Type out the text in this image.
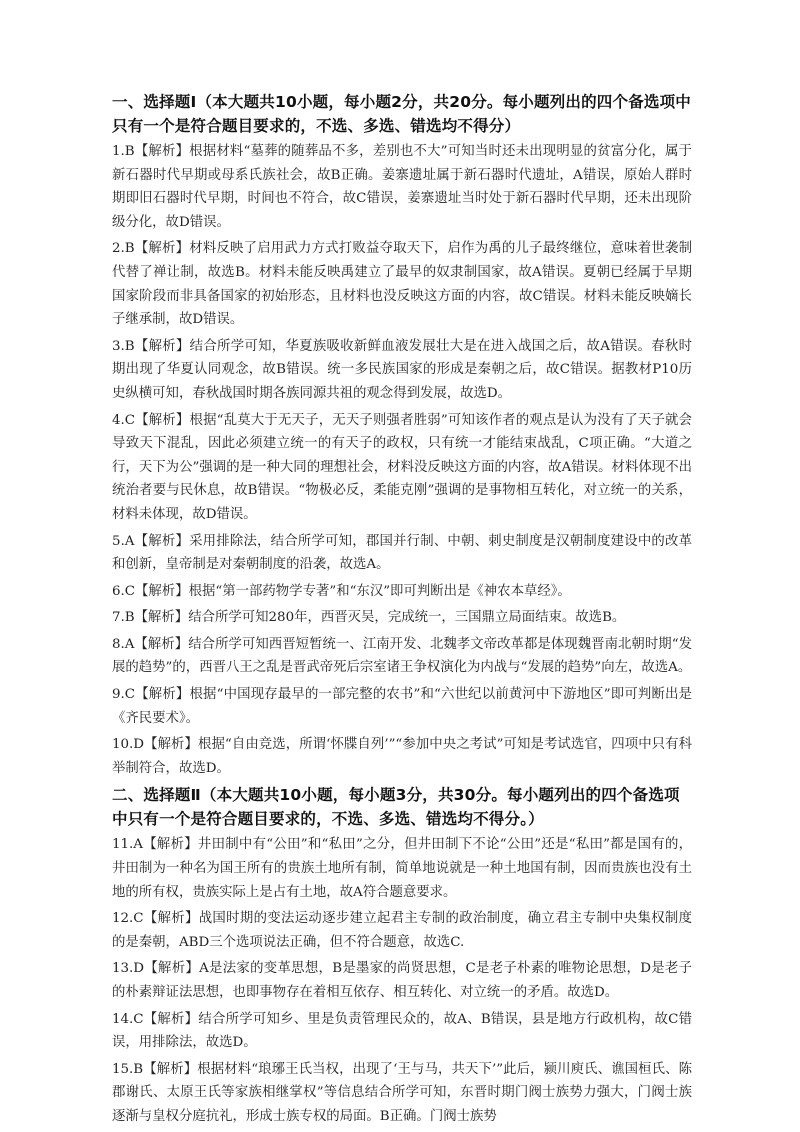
一、选择题Ⅰ（本大题共10小题，每小题2分，共20分。每小题列出的四个备选项中只有一个是符合题目要求的，不选、多选、错选均不得分）

1.B【解析】根据材料“墓葬的随葬品不多，差别也不大”可知当时还未出现明显的贫富分化，属于新石器时代早期或母系氏族社会，故B正确。姜寨遗址属于新石器时代遗址，A错误，原始人群时期即旧石器时代早期，时间也不符合，故C错误，姜寨遗址当时处于新石器时代早期，还未出现阶级分化，故D错误。

2.B【解析】材料反映了启用武力方式打败益夺取天下，启作为禹的儿子最终继位，意味着世袭制代替了禅让制，故选B。材料未能反映禹建立了最早的奴隶制国家，故A错误。夏朝已经属于早期国家阶段而非具备国家的初始形态，且材料也没反映这方面的内容，故C错误。材料未能反映嫡长子继承制，故D错误。

3.B【解析】结合所学可知，华夏族吸收新鲜血液发展壮大是在进入战国之后，故A错误。春秋时期出现了华夏认同观念，故B错误。统一多民族国家的形成是秦朝之后，故C错误。据教材P10历史纵横可知，春秋战国时期各族同源共祖的观念得到发展，故选D。

4.C【解析】根据“乱莫大于无天子，无天子则强者胜弱”可知该作者的观点是认为没有了天子就会导致天下混乱，因此必须建立统一的有天子的政权，只有统一才能结束战乱，C项正确。“大道之行，天下为公”强调的是一种大同的理想社会，材料没反映这方面的内容，故A错误。材料体现不出统治者要与民休息，故B错误。“物极必反，柔能克刚”强调的是事物相互转化，对立统一的关系，材料未体现，故D错误。

5.A【解析】采用排除法，结合所学可知，郡国并行制、中朝、刺史制度是汉朝制度建设中的改革和创新，皇帝制是对秦朝制度的沿袭，故选A。

6.C【解析】根据“第一部药物学专著”和“东汉”即可判断出是《神农本草经》。

7.B【解析】结合所学可知280年，西晋灭吴，完成统一，三国鼎立局面结束。故选B。

8.A【解析】结合所学可知西晋短暂统一、江南开发、北魏孝文帝改革都是体现魏晋南北朝时期“发展的趋势”的，西晋八王之乱是晋武帝死后宗室诸王争权演化为内战与“发展的趋势”向左，故选A。

9.C【解析】根据“中国现存最早的一部完整的农书”和“六世纪以前黄河中下游地区”即可判断出是《齐民要术》。

10.D【解析】根据“自由竞选，所谓‘怀牒自列’”“参加中央之考试”可知是考试选官，四项中只有科举制符合，故选D。

二、选择题Ⅱ（本大题共10小题，每小题3分，共30分。每小题列出的四个备选项中只有一个是符合题目要求的，不选、多选、错选均不得分。）

11.A【解析】井田制中有“公田”和“私田”之分，但井田制下不论“公田”还是“私田”都是国有的，井田制为一种名为国王所有的贵族土地所有制，简单地说就是一种土地国有制，因而贵族也没有土地的所有权，贵族实际上是占有土地，故A符合题意要求。

12.C【解析】战国时期的变法运动逐步建立起君主专制的政治制度，确立君主专制中央集权制度的是秦朝，ABD三个选项说法正确，但不符合题意，故选C.

13.D【解析】A是法家的变革思想，B是墨家的尚贤思想，C是老子朴素的唯物论思想，D是老子的朴素辩证法思想，也即事物存在着相互依存、相互转化、对立统一的矛盾。故选D。

14.C【解析】结合所学可知乡、里是负责管理民众的，故A、B错误，县是地方行政机构，故C错误，用排除法，故选D。

15.B【解析】根据材料“琅琊王氏当权，出现了‘王与马，共天下’”此后，颍川庾氏、谯国桓氏、陈郡谢氏、太原王氏等家族相继掌权”等信息结合所学可知，东晋时期门阀士族势力强大，门阀士族逐渐与皇权分庭抗礼，形成士族专权的局面。B正确。门阀士族势
